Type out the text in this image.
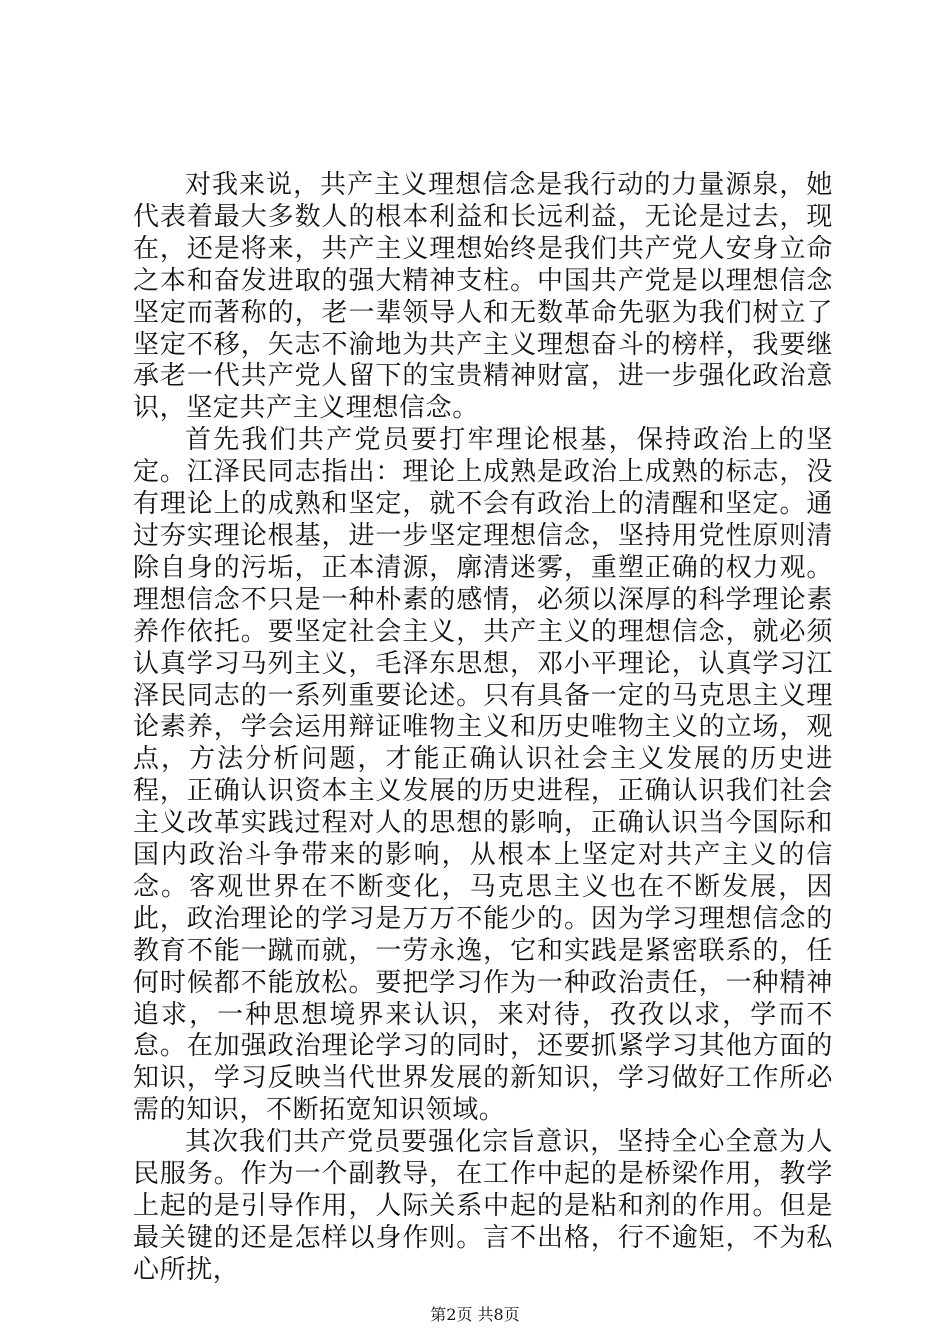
对我来说，共产主义理想信念是我行动的力量源泉，她代表着最大多数人的根本利益和长远利益，无论是过去，现在，还是将来，共产主义理想始终是我们共产党人安身立命之本和奋发进取的强大精神支柱。中国共产党是以理想信念坚定而著称的，老一辈领导人和无数革命先驱为我们树立了坚定不移，矢志不渝地为共产主义理想奋斗的榜样，我要继承老一代共产党人留下的宝贵精神财富，进一步强化政治意识，坚定共产主义理想信念。

首先我们共产党员要打牢理论根基，保持政治上的坚定。江泽民同志指出：理论上成熟是政治上成熟的标志，没有理论上的成熟和坚定，就不会有政治上的清醒和坚定。通过夯实理论根基，进一步坚定理想信念，坚持用党性原则清除自身的污垢，正本清源，廓清迷雾，重塑正确的权力观。理想信念不只是一种朴素的感情，必须以深厚的科学理论素养作依托。要坚定社会主义，共产主义的理想信念，就必须认真学习马列主义，毛泽东思想，邓小平理论，认真学习江泽民同志的一系列重要论述。只有具备一定的马克思主义理论素养，学会运用辩证唯物主义和历史唯物主义的立场，观点，方法分析问题，才能正确认识社会主义发展的历史进程，正确认识资本主义发展的历史进程，正确认识我们社会主义改革实践过程对人的思想的影响，正确认识当今国际和国内政治斗争带来的影响，从根本上坚定对共产主义的信念。客观世界在不断变化，马克思主义也在不断发展，因此，政治理论的学习是万万不能少的。因为学习理想信念的教育不能一蹴而就，一劳永逸，它和实践是紧密联系的，任何时候都不能放松。要把学习作为一种政治责任，一种精神追求，一种思想境界来认识，来对待，孜孜以求，学而不怠。在加强政治理论学习的同时，还要抓紧学习其他方面的知识，学习反映当代世界发展的新知识，学习做好工作所必需的知识，不断拓宽知识领域。

其次我们共产党员要强化宗旨意识，坚持全心全意为人民服务。作为一个副教导，在工作中起的是桥梁作用，教学上起的是引导作用，人际关系中起的是粘和剂的作用。但是最关键的还是怎样以身作则。言不出格，行不逾矩，不为私心所扰，

第2页 共8页
